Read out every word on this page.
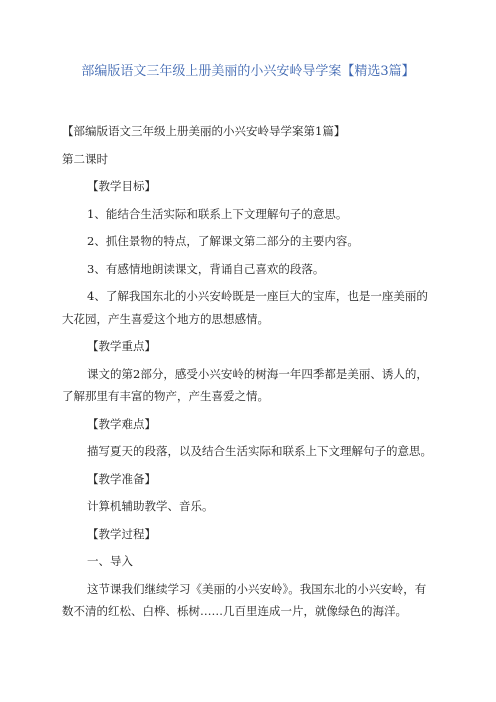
部编版语文三年级上册美丽的小兴安岭导学案【精选3篇】

【部编版语文三年级上册美丽的小兴安岭导学案第1篇】

第二课时

【教学目标】

1、能结合生活实际和联系上下文理解句子的意思。

2、抓住景物的特点，了解课文第二部分的主要内容。

3、有感情地朗读课文，背诵自己喜欢的段落。

4、了解我国东北的小兴安岭既是一座巨大的宝库，也是一座美丽的大花园，产生喜爱这个地方的思想感情。

【教学重点】

课文的第2部分，感受小兴安岭的树海一年四季都是美丽、诱人的，了解那里有丰富的物产，产生喜爱之情。

【教学难点】

描写夏天的段落，以及结合生活实际和联系上下文理解句子的意思。

【教学准备】

计算机辅助教学、音乐。

【教学过程】

一、导入

这节课我们继续学习《美丽的小兴安岭》。我国东北的小兴安岭，有数不清的红松、白桦、栎树……几百里连成一片，就像绿色的海洋。
